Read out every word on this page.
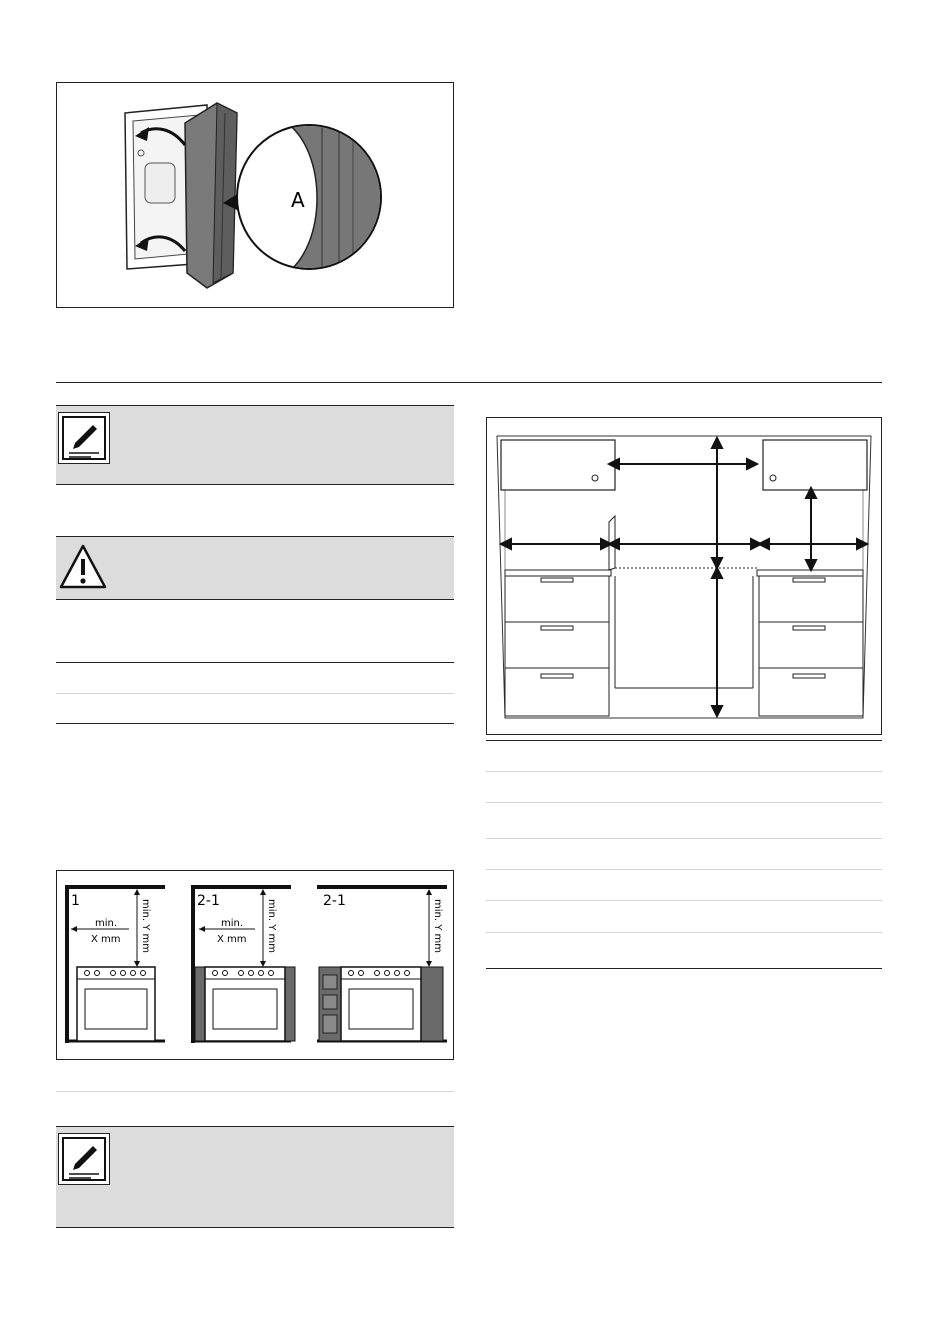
A
min.
X mm min. Y mm
1
min.
X mm min. Y mm
2-1	min. Y mm
2-1
